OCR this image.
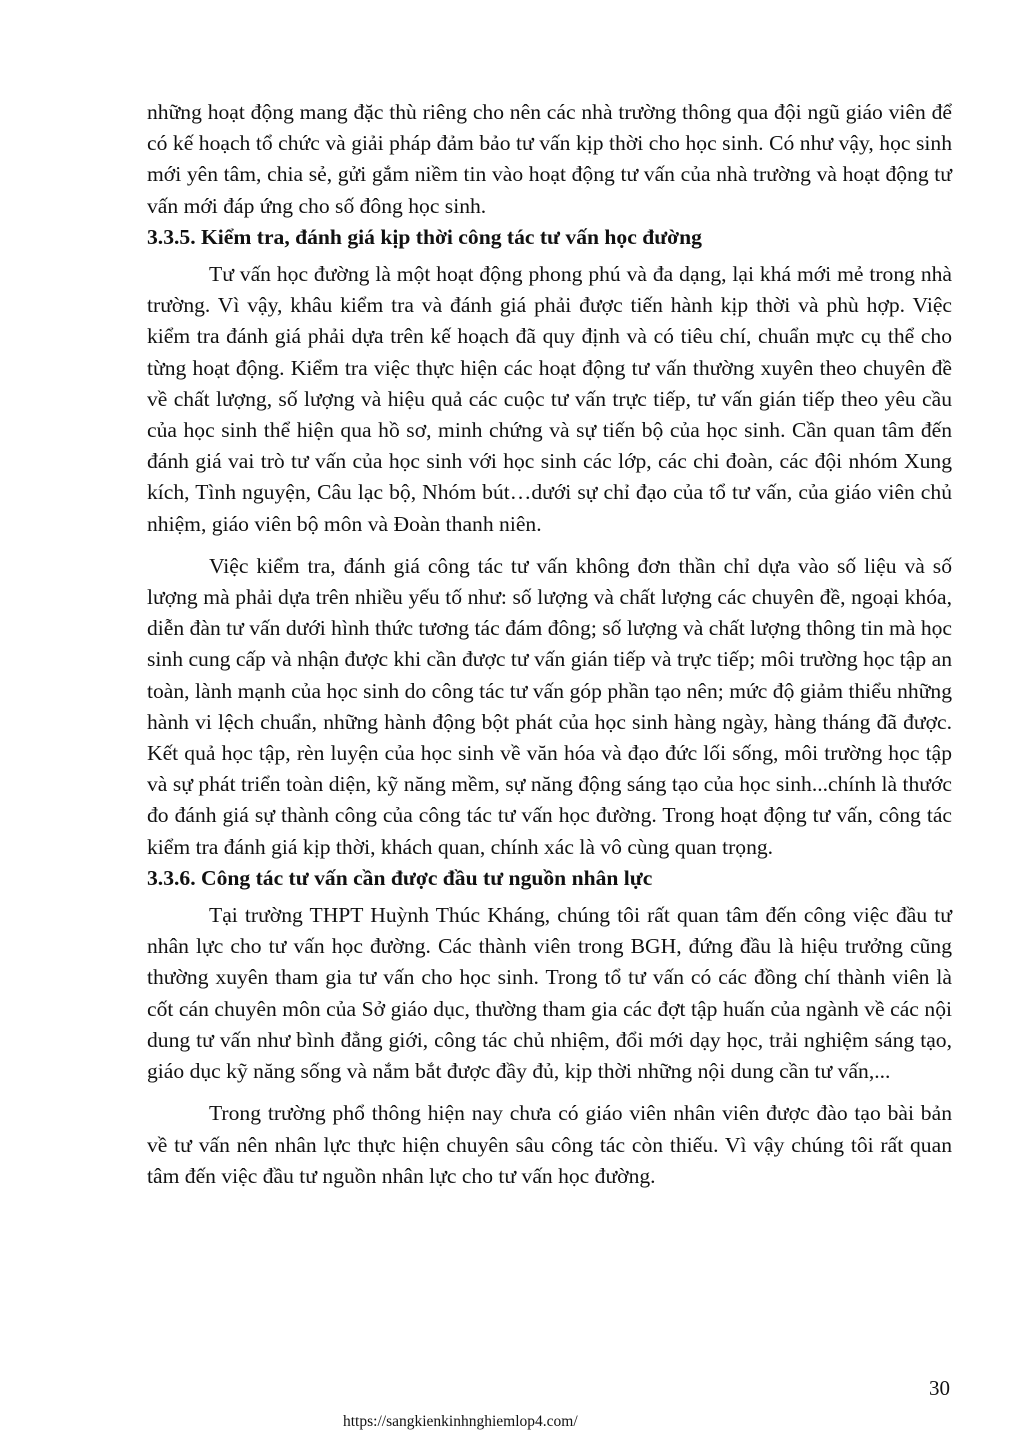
những hoạt động mang đặc thù riêng cho nên các nhà trường thông qua đội ngũ giáo viên để có kế hoạch tổ chức và giải pháp đảm bảo tư vấn kịp thời cho học sinh. Có như vậy, học sinh mới yên tâm, chia sẻ, gửi gắm niềm tin vào hoạt động tư vấn của nhà trường và hoạt động tư vấn mới đáp ứng cho số đông học sinh.

3.3.5. Kiểm tra, đánh giá kịp thời công tác tư vấn học đường

Tư vấn học đường là một hoạt động phong phú và đa dạng, lại khá mới mẻ trong nhà trường. Vì vậy, khâu kiểm tra và đánh giá phải được tiến hành kịp thời và phù hợp. Việc kiểm tra đánh giá phải dựa trên kế hoạch đã quy định và có tiêu chí, chuẩn mực cụ thể cho từng hoạt động. Kiểm tra việc thực hiện các hoạt động tư vấn thường xuyên theo chuyên đề về chất lượng, số lượng và hiệu quả các cuộc tư vấn trực tiếp, tư vấn gián tiếp theo yêu cầu của học sinh thể hiện qua hồ sơ, minh chứng và sự tiến bộ của học sinh. Cần quan tâm đến đánh giá vai trò tư vấn của học sinh với học sinh các lớp, các chi đoàn, các đội nhóm Xung kích, Tình nguyện, Câu lạc bộ, Nhóm bút…dưới sự chỉ đạo của tổ tư vấn, của giáo viên chủ nhiệm, giáo viên bộ môn và Đoàn thanh niên.

Việc kiểm tra, đánh giá công tác tư vấn không đơn thần chỉ dựa vào số liệu và số lượng mà phải dựa trên nhiều yếu tố như: số lượng và chất lượng các chuyên đề, ngoại khóa, diễn đàn tư vấn dưới hình thức tương tác đám đông; số lượng và chất lượng thông tin mà học sinh cung cấp và nhận được khi cần được tư vấn gián tiếp và trực tiếp; môi trường học tập an toàn, lành mạnh của học sinh do công tác tư vấn góp phần tạo nên; mức độ giảm thiểu những hành vi lệch chuẩn, những hành động bột phát của học sinh hàng ngày, hàng tháng đã được. Kết quả học tập, rèn luyện của học sinh về văn hóa và đạo đức lối sống, môi trường học tập và sự phát triển toàn diện, kỹ năng mềm, sự năng động sáng tạo của học sinh...chính là thước đo đánh giá sự thành công của công tác tư vấn học đường. Trong hoạt động tư vấn, công tác kiểm tra đánh giá kịp thời, khách quan, chính xác là vô cùng quan trọng.

3.3.6. Công tác tư vấn cần được đầu tư nguồn nhân lực

Tại trường THPT Huỳnh Thúc Kháng, chúng tôi rất quan tâm đến công việc đầu tư nhân lực cho tư vấn học đường. Các thành viên trong BGH, đứng đầu là hiệu trưởng cũng thường xuyên tham gia tư vấn cho học sinh. Trong tổ tư vấn có các đồng chí thành viên là cốt cán chuyên môn của Sở giáo dục, thường tham gia các đợt tập huấn của ngành về các nội dung tư vấn như bình đẳng giới, công tác chủ nhiệm, đổi mới dạy học, trải nghiệm sáng tạo, giáo dục kỹ năng sống và nắm bắt được đầy đủ, kịp thời những nội dung cần tư vấn,...

Trong trường phổ thông hiện nay chưa có giáo viên nhân viên được đào tạo bài bản về tư vấn nên nhân lực thực hiện chuyên sâu công tác còn thiếu. Vì vậy chúng tôi rất quan tâm đến việc đầu tư nguồn nhân lực cho tư vấn học đường.

30
https://sangkienkinhnghiemlop4.com/
